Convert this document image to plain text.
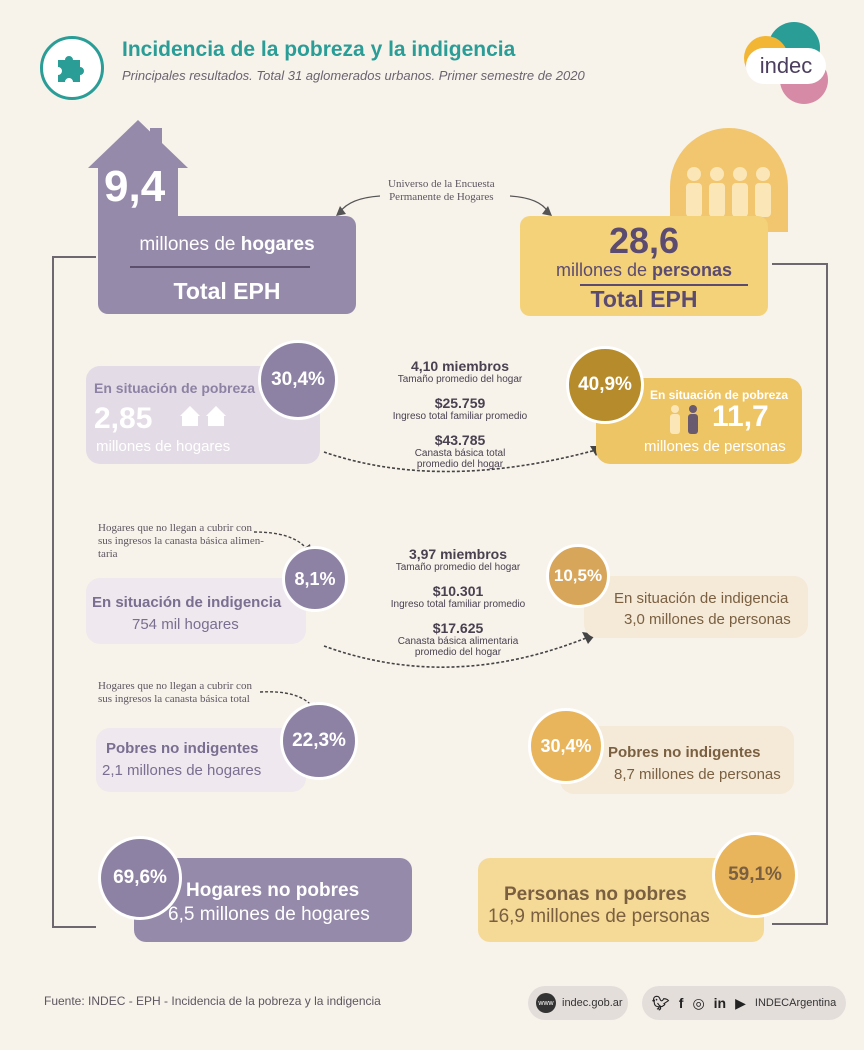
Incidencia de la pobreza y la indigencia
Principales resultados. Total 31 aglomerados urbanos. Primer semestre de 2020	indec
9,4
millones de hogares
Total EPH
Universo de la Encuesta
Permanente de Hogares
28,6
millones de personas
Total EPH
En situación de pobreza
2,85
millones de hogares
30,4%
4,10 miembros
Tamaño promedio del hogar
$25.759
Ingreso total familiar promedio
$43.785
Canasta básica total promedio del hogar
En situación de pobreza
11,7
millones de personas
40,9%
Hogares que no llegan a cubrir con
sus ingresos la canasta básica alimen-
taria
En situación de indigencia
754 mil hogares
8,1%
3,97 miembros
Tamaño promedio del hogar
$10.301
Ingreso total familiar promedio
$17.625
Canasta básica alimentaria promedio del hogar
En situación de indigencia
3,0 millones de personas
10,5%
Hogares que no llegan a cubrir con
sus ingresos la canasta básica total
Pobres no indigentes
2,1 millones de hogares
22,3%
Pobres no indigentes
8,7 millones de personas
30,4%
Hogares no pobres
6,5 millones de hogares
69,6%
Personas no pobres
16,9 millones de personas
59,1%
Fuente: INDEC - EPH - Incidencia de la pobreza y la indigencia	www indec.gob.ar 🐦︎ f ◎ in ▶ INDECArgentina
